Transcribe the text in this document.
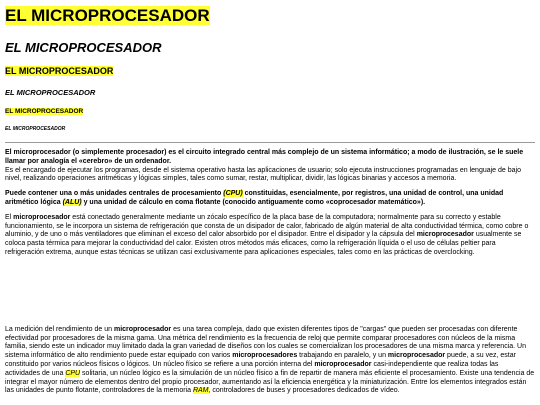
EL MICROPROCESADOR
EL MICROPROCESADOR
EL MICROPROCESADOR
EL MICROPROCESADOR
EL MICROPROCESADOR
EL MICROPROCESADOR

El microprocesador (o simplemente procesador) es el circuito integrado central más complejo de un sistema informático; a modo de ilustración, se le suele llamar por analogía el «cerebro» de un ordenador.
Es el encargado de ejecutar los programas, desde el sistema operativo hasta las aplicaciones de usuario; solo ejecuta instrucciones programadas en lenguaje de bajo nivel, realizando operaciones aritméticas y lógicas simples, tales como sumar, restar, multiplicar, dividir, las lógicas binarias y accesos a memoria.

Puede contener una o más unidades centrales de procesamiento (CPU) constituidas, esencialmente, por registros, una unidad de control, una unidad aritmético lógica (ALU) y una unidad de cálculo en coma flotante (conocido antiguamente como «coprocesador matemático»).

El microprocesador está conectado generalmente mediante un zócalo específico de la placa base de la computadora; normalmente para su correcto y estable funcionamiento, se le incorpora un sistema de refrigeración que consta de un disipador de calor, fabricado de algún material de alta conductividad térmica, como cobre o aluminio, y de uno o más ventiladores que eliminan el exceso del calor absorbido por el disipador. Entre el disipador y la cápsula del microprocesador usualmente se coloca pasta térmica para mejorar la conductividad del calor. Existen otros métodos más eficaces, como la refrigeración líquida o el uso de células peltier para refrigeración extrema, aunque estas técnicas se utilizan casi exclusivamente para aplicaciones especiales, tales como en las prácticas de overclocking.

La medición del rendimiento de un microprocesador es una tarea compleja, dado que existen diferentes tipos de "cargas" que pueden ser procesadas con diferente efectividad por procesadores de la misma gama. Una métrica del rendimiento es la frecuencia de reloj que permite comparar procesadores con núcleos de la misma familia, siendo este un indicador muy limitado dada la gran variedad de diseños con los cuales se comercializan los procesadores de una misma marca y referencia. Un sistema informático de alto rendimiento puede estar equipado con varios microprocesadores trabajando en paralelo, y un microprocesador puede, a su vez, estar constituido por varios núcleos físicos o lógicos. Un núcleo físico se refiere a una porción interna del microprocesador casi-independiente que realiza todas las actividades de una CPU solitaria, un núcleo lógico es la simulación de un núcleo físico a fin de repartir de manera más eficiente el procesamiento. Existe una tendencia de integrar el mayor número de elementos dentro del propio procesador, aumentando así la eficiencia energética y la miniaturización. Entre los elementos integrados están las unidades de punto flotante, controladores de la memoria RAM, controladores de buses y procesadores dedicados de vídeo.
